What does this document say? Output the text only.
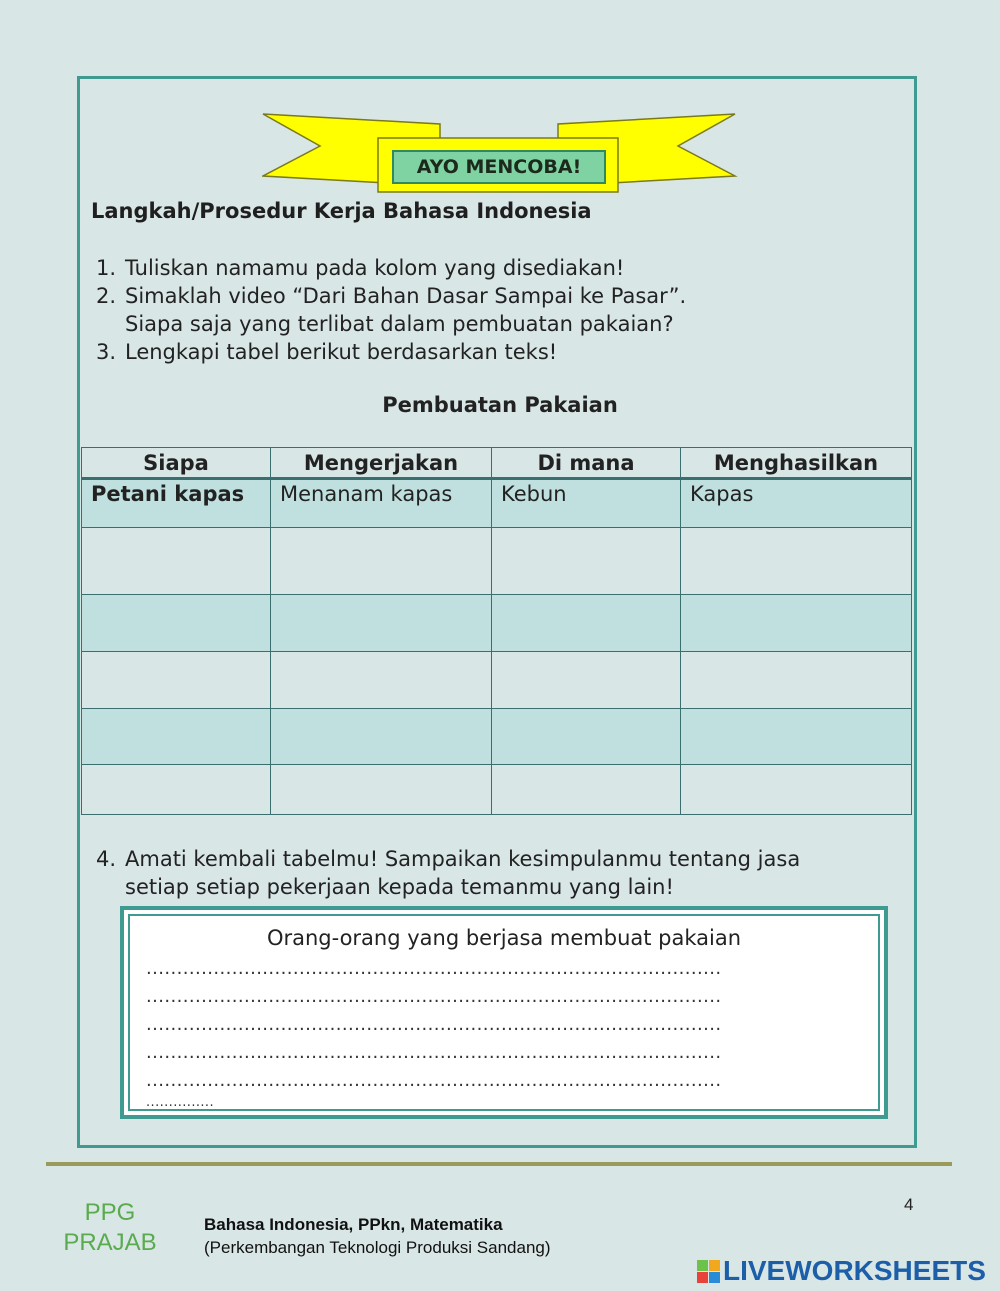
AYO MENCOBA!
Langkah/Prosedur Kerja Bahasa Indonesia
1. Tuliskan namamu pada kolom yang disediakan!
2. Simaklah video “Dari Bahan Dasar Sampai ke Pasar”.
Siapa saja yang terlibat dalam pembuatan pakaian?
3. Lengkapi tabel berikut berdasarkan teks!
Pembuatan Pakaian
Siapa	Mengerjakan	Di mana	Menghasilkan
Petani kapas	Menanam kapas	Kebun	Kapas

4. Amati kembali tabelmu! Sampaikan kesimpulanmu tentang jasa
setiap setiap pekerjaan kepada temanmu yang lain!
Orang-orang yang berjasa membuat pakaian
..............................................................................................
..............................................................................................
..............................................................................................
..............................................................................................
..............................................................................................
...............
PPG
PRAJAB
Bahasa Indonesia, PPkn, Matematika
(Perkembangan Teknologi Produksi Sandang)
4
LIVEWORKSHEETS
